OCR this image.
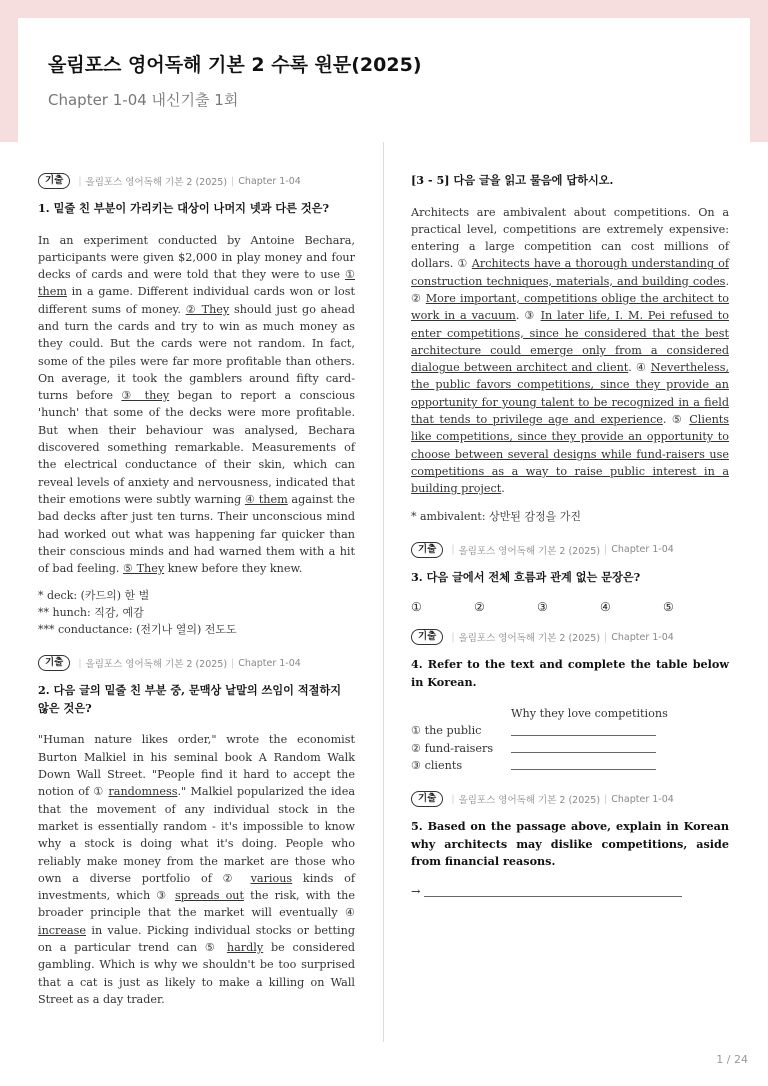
올림포스 영어독해 기본 2 수록 원문(2025)
Chapter 1-04 내신기출 1회
기출	| 올림포스 영어독해 기본 2 (2025) | Chapter 1-04
1. 밑줄 친 부분이 가리키는 대상이 나머지 넷과 다른 것은?

In an experiment conducted by Antoine Bechara, participants were given $2,000 in play money and four decks of cards and were told that they were to use ① them in a game. Different individual cards won or lost different sums of money. ② They should just go ahead and turn the cards and try to win as much money as they could. But the cards were not random. In fact, some of the piles were far more profitable than others. On average, it took the gamblers around fifty card-turns before ③ they began to report a conscious 'hunch' that some of the decks were more profitable. But when their behaviour was analysed, Bechara discovered something remarkable. Measurements of the electrical conductance of their skin, which can reveal levels of anxiety and nervousness, indicated that their emotions were subtly warning ④ them against the bad decks after just ten turns. Their unconscious mind had worked out what was happening far quicker than their conscious minds and had warned them with a hit of bad feeling. ⑤ They knew before they knew.

* deck: (카드의) 한 벌
** hunch: 직감, 예감
*** conductance: (전기나 열의) 전도도
기출	| 올림포스 영어독해 기본 2 (2025) | Chapter 1-04
2. 다음 글의 밑줄 친 부분 중, 문맥상 낱말의 쓰임이 적절하지 않은 것은?

"Human nature likes order," wrote the economist Burton Malkiel in his seminal book A Random Walk Down Wall Street. "People find it hard to accept the notion of ① randomness." Malkiel popularized the idea that the movement of any individual stock in the market is essentially random - it's impossible to know why a stock is doing what it's doing. People who reliably make money from the market are those who own a diverse portfolio of ② various kinds of investments, which ③ spreads out the risk, with the broader principle that the market will eventually ④ increase in value. Picking individual stocks or betting on a particular trend can ⑤ hardly be considered gambling. Which is why we shouldn't be too surprised that a cat is just as likely to make a killing on Wall Street as a day trader.

[3 - 5] 다음 글을 읽고 물음에 답하시오.

Architects are ambivalent about competitions. On a practical level, competitions are extremely expensive: entering a large competition can cost millions of dollars. ① Architects have a thorough understanding of construction techniques, materials, and building codes. ② More important, competitions oblige the architect to work in a vacuum. ③ In later life, I. M. Pei refused to enter competitions, since he considered that the best architecture could emerge only from a considered dialogue between architect and client. ④ Nevertheless, the public favors competitions, since they provide an opportunity for young talent to be recognized in a field that tends to privilege age and experience. ⑤ Clients like competitions, since they provide an opportunity to choose between several designs while fund-raisers use competitions as a way to raise public interest in a building project.

* ambivalent: 상반된 감정을 가진
기출	| 올림포스 영어독해 기본 2 (2025) | Chapter 1-04
3. 다음 글에서 전체 흐름과 관계 없는 문장은?
①	②	③	④	⑤
기출	| 올림포스 영어독해 기본 2 (2025) | Chapter 1-04
4. Refer to the text and complete the table below in Korean.
Why they love competitions
① the public
② fund-raisers
③ clients
기출	| 올림포스 영어독해 기본 2 (2025) | Chapter 1-04
5. Based on the passage above, explain in Korean why architects may dislike competitions, aside from financial reasons.
→
1 / 24
